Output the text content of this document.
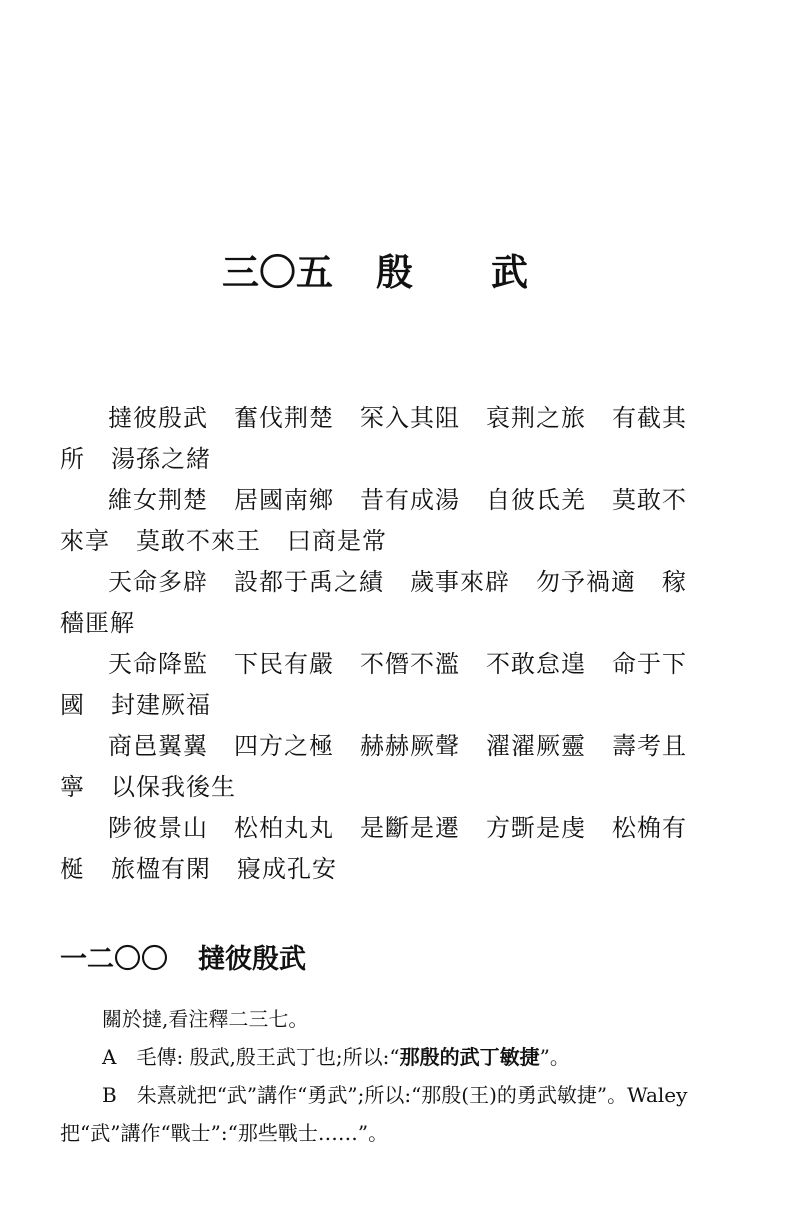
三〇五 殷 武
撻彼殷武 奮伐荆楚 罙入其阻 裒荆之旅 有截其
所 湯孫之緒
維女荆楚 居國南鄉 昔有成湯 自彼氐羌 莫敢不
來享 莫敢不來王 曰商是常
天命多辟 設都于禹之績 歲事來辟 勿予禍適 稼
穡匪解
天命降監 下民有嚴 不僭不濫 不敢怠遑 命于下
國 封建厥福
商邑翼翼 四方之極 赫赫厥聲 濯濯厥靈 壽考且
寧 以保我後生
陟彼景山 松柏丸丸 是斷是遷 方斲是虔 松桷有
梴 旅楹有閑 寢成孔安
一二〇〇 撻彼殷武

關於撻,看注釋二三七。

A　毛傳: 殷武,殷王武丁也;所以:“那殷的武丁敏捷”。

B　朱熹就把“武”講作“勇武”;所以:“那殷(王)的勇武敏捷”。Waley 把“武”講作“戰士”:“那些戰士……”。
